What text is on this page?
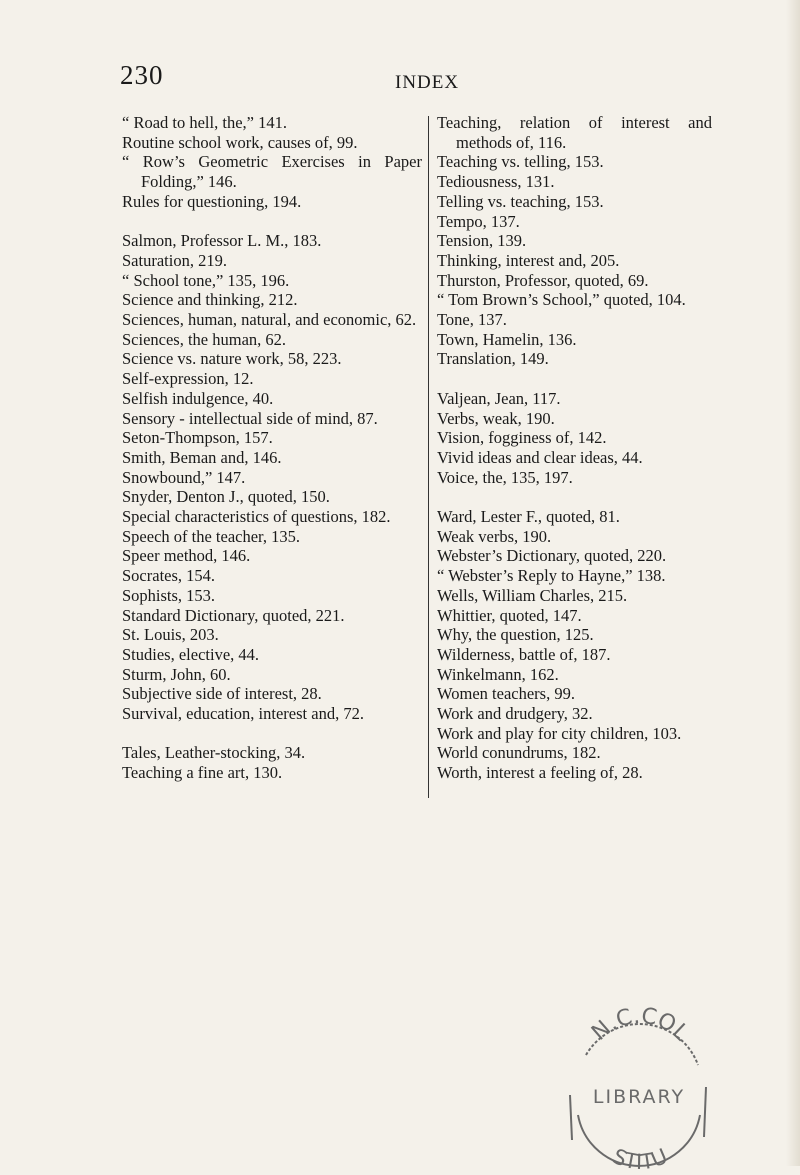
230	INDEX
“ Road to hell, the,” 141.
Routine school work, causes of, 99.
“ Row’s Geometric Exercises in Paper Folding,” 146.
Rules for questioning, 194.
Salmon, Professor L. M., 183.
Saturation, 219.
“ School tone,” 135, 196.
Science and thinking, 212.
Sciences, human, natural, and economic, 62.
Sciences, the human, 62.
Science vs. nature work, 58, 223.
Self-expression, 12.
Selfish indulgence, 40.
Sensory - intellectual side of mind, 87.
Seton-Thompson, 157.
Smith, Beman and, 146.
Snowbound,” 147.
Snyder, Denton J., quoted, 150.
Special characteristics of questions, 182.
Speech of the teacher, 135.
Speer method, 146.
Socrates, 154.
Sophists, 153.
Standard Dictionary, quoted, 221.
St. Louis, 203.
Studies, elective, 44.
Sturm, John, 60.
Subjective side of interest, 28.
Survival, education, interest and, 72.
Tales, Leather-stocking, 34.
Teaching a fine art, 130.
Teaching, relation of interest and methods of, 116.
Teaching vs. telling, 153.
Tediousness, 131.
Telling vs. teaching, 153.
Tempo, 137.
Tension, 139.
Thinking, interest and, 205.
Thurston, Professor, quoted, 69.
“ Tom Brown’s School,” quoted, 104.
Tone, 137.
Town, Hamelin, 136.
Translation, 149.
Valjean, Jean, 117.
Verbs, weak, 190.
Vision, fogginess of, 142.
Vivid ideas and clear ideas, 44.
Voice, the, 135, 197.
Ward, Lester F., quoted, 81.
Weak verbs, 190.
Webster’s Dictionary, quoted, 220.
“ Webster’s Reply to Hayne,” 138.
Wells, William Charles, 215.
Whittier, quoted, 147.
Why, the question, 125.
Wilderness, battle of, 187.
Winkelmann, 162.
Women teachers, 99.
Work and drudgery, 32.
Work and play for city children, 103.
World conundrums, 182.
Worth, interest a feeling of, 28.
N.C.COL
LIBRARY
STITU
